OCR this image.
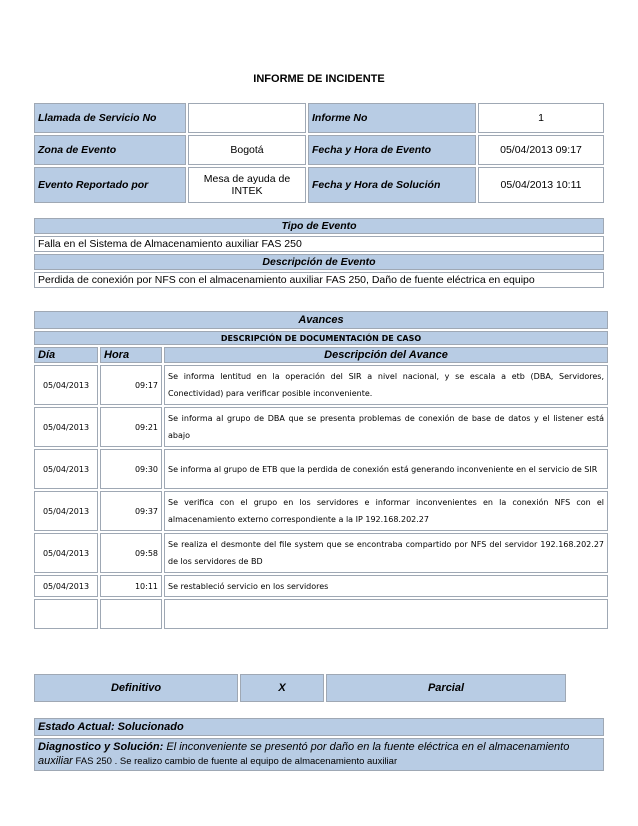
INFORME DE INCIDENTE
Llamada de Servicio No		Informe No	1
Zona de Evento	Bogotá	Fecha y Hora de Evento	05/04/2013 09:17
Evento Reportado por	Mesa de ayuda de INTEK	Fecha y Hora de Solución	05/04/2013 10:11
Tipo de Evento
Falla en el Sistema de Almacenamiento auxiliar FAS 250
Descripción de Evento
Perdida de conexión por NFS con el almacenamiento auxiliar FAS 250, Daño de fuente eléctrica en equipo
Avances		
DESCRIPCIÓN DE DOCUMENTACIÓN DE CASO		
Día	Hora	Descripción del Avance
05/04/2013	09:17	Se informa lentitud en la operación del SIR a nivel nacional, y se escala a etb (DBA, Servidores, Conectividad) para verificar posible inconveniente.
05/04/2013	09:21	Se informa al grupo de DBA que se presenta problemas de conexión de base de datos y el listener está abajo
05/04/2013	09:30	Se informa al grupo de ETB que la perdida de conexión está generando inconveniente en el servicio de SIR
05/04/2013	09:37	Se verifica con el grupo en los servidores e informar inconvenientes en la conexión NFS con el almacenamiento externo correspondiente a la IP 192.168.202.27
05/04/2013	09:58	Se realiza el desmonte del file system que se encontraba compartido por NFS del servidor 192.168.202.27 de los servidores de BD
05/04/2013	10:11	Se restableció servicio en los servidores

Definitivo	X	Parcial
Estado Actual: Solucionado
Diagnostico y Solución: El inconveniente se presentó por daño en la fuente eléctrica en el almacenamiento auxiliar FAS 250 . Se realizo cambio de fuente al equipo de almacenamiento auxiliar
